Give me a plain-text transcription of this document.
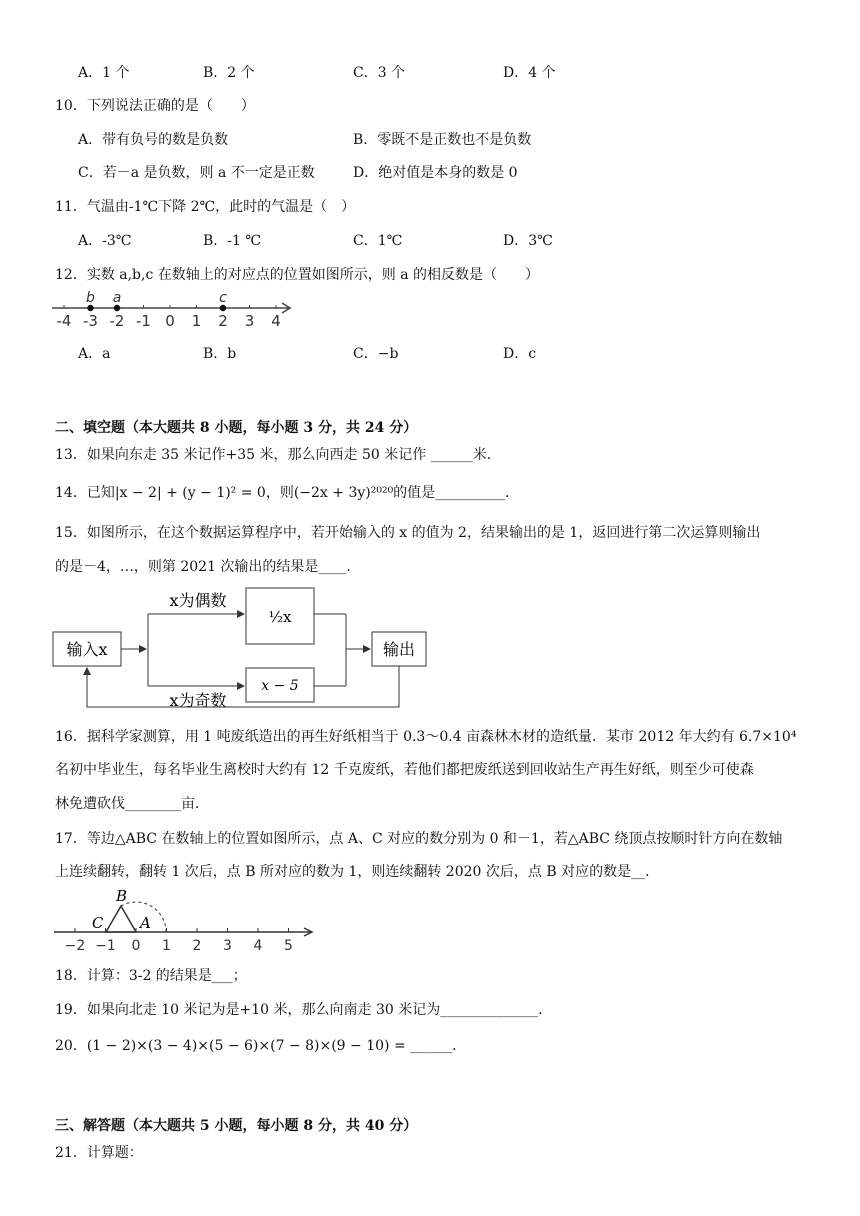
A．1 个	B．2 个	C．3 个	D．4 个
10．下列说法正确的是（　　）
A．带有负号的数是负数	B．零既不是正数也不是负数
C．若－a 是负数，则 a 不一定是正数	D．绝对值是本身的数是 0
11．气温由-1℃下降 2℃，此时的气温是（　）
A．-3℃	B．-1 ℃	C．1℃	D．3℃
12．实数 a,b,c 在数轴上的对应点的位置如图所示，则 a 的相反数是（　　）
-4 -3 -2 -1 0 1 2 3 4
b a	c
A．a	B．b	C．−b	D．c
二、填空题（本大题共 8 小题，每小题 3 分，共 24 分）
13．如果向东走 35 米记作+35 米，那么向西走 50 米记作 ______米．
14．已知|x − 2| + (y − 1)² = 0，则(−2x + 3y)²⁰²⁰的值是__________．
15．如图所示，在这个数据运算程序中，若开始输入的 x 的值为 2，结果输出的是 1，返回进行第二次运算则输出
的是－4，…，则第 2021 次输出的结果是____．
输入x
x为偶数
x为奇数
½x
x − 5
输出
16．据科学家测算，用 1 吨废纸造出的再生好纸相当于 0.3～0.4 亩森林木材的造纸量．某市 2012 年大约有 6.7×10⁴
名初中毕业生，每名毕业生离校时大约有 12 千克废纸，若他们都把废纸送到回收站生产再生好纸，则至少可使森
林免遭砍伐________亩．
17．等边△ABC 在数轴上的位置如图所示，点 A、C 对应的数分别为 0 和－1，若△ABC 绕顶点按顺时针方向在数轴
上连续翻转，翻转 1 次后，点 B 所对应的数为 1，则连续翻转 2020 次后，点 B 对应的数是__．
−2 −1 0 1 2 3 4 5
B
C A
18．计算：3-2 的结果是___；
19．如果向北走 10 米记为是+10 米，那么向南走 30 米记为______________．
20．(1 − 2)×(3 − 4)×(5 − 6)×(7 − 8)×(9 − 10) = ______．
三、解答题（本大题共 5 小题，每小题 8 分，共 40 分）
21．计算题：
